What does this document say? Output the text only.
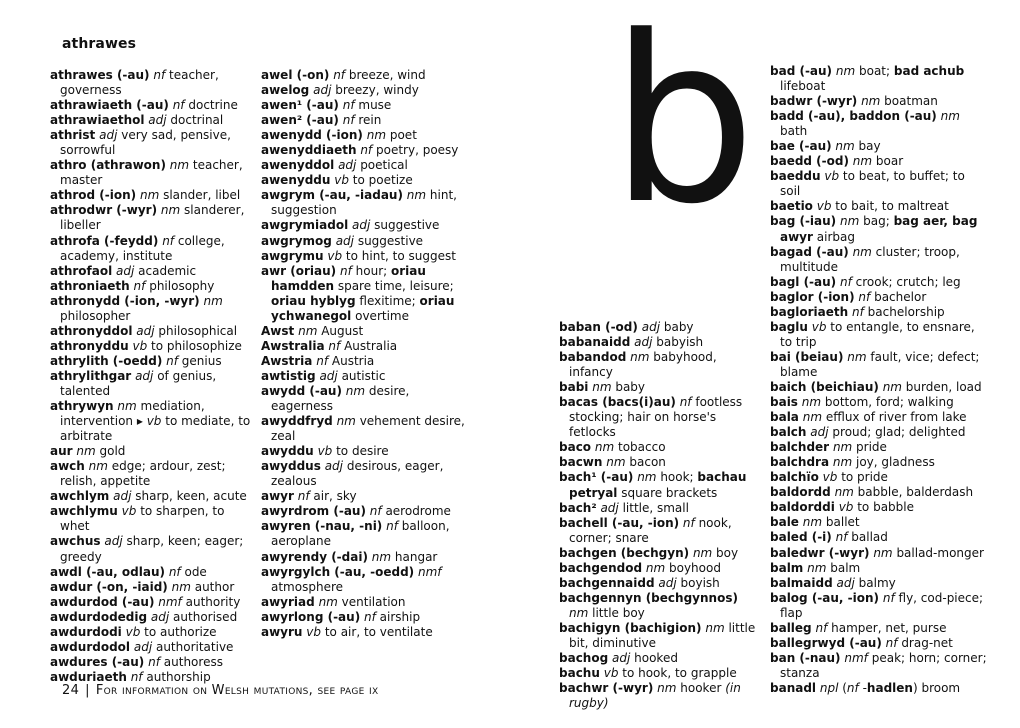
athrawes
athrawes (-au) nf teacher, governess
athrawiaeth (-au) nf doctrine
athrawiaethol adj doctrinal
athrist adj very sad, pensive, sorrowful
athro (athrawon) nm teacher, master
athrod (-ion) nm slander, libel
athrodwr (-wyr) nm slanderer, libeller
athrofa (-feydd) nf college, academy, institute
athrofaol adj academic
athroniaeth nf philosophy
athronydd (-ion, -wyr) nm philosopher
athronyddol adj philosophical
athronyddu vb to philosophize
athrylith (-oedd) nf genius
athrylithgar adj of genius, talented
athrywyn nm mediation, intervention ▸ vb to mediate, to arbitrate
aur nm gold
awch nm edge; ardour, zest; relish, appetite
awchlym adj sharp, keen, acute
awchlymu vb to sharpen, to whet
awchus adj sharp, keen; eager; greedy
awdl (-au, odlau) nf ode
awdur (-on, -iaid) nm author
awdurdod (-au) nmf authority
awdurdodedig adj authorised
awdurdodi vb to authorize
awdurdodol adj authoritative
awdures (-au) nf authoress
awduriaeth nf authorship
awel (-on) nf breeze, wind
awelog adj breezy, windy
awen¹ (-au) nf muse
awen² (-au) nf rein
awenydd (-ion) nm poet
awenyddiaeth nf poetry, poesy
awenyddol adj poetical
awenyddu vb to poetize
awgrym (-au, -iadau) nm hint, suggestion
awgrymiadol adj suggestive
awgrymog adj suggestive
awgrymu vb to hint, to suggest
awr (oriau) nf hour; oriau hamdden spare time, leisure; oriau hyblyg flexitime; oriau ychwanegol overtime
Awst nm August
Awstralia nf Australia
Awstria nf Austria
awtistig adj autistic
awydd (-au) nm desire, eagerness
awyddfryd nm vehement desire, zeal
awyddu vb to desire
awyddus adj desirous, eager, zealous
awyr nf air, sky
awyrdrom (-au) nf aerodrome
awyren (-nau, -ni) nf balloon, aeroplane
awyrendy (-dai) nm hangar
awyrgylch (-au, -oedd) nmf atmosphere
awyriad nm ventilation
awyrlong (-au) nf airship
awyru vb to air, to ventilate
b
baban (-od) adj baby
babanaidd adj babyish
babandod nm babyhood, infancy
babi nm baby
bacas (bacs(i)au) nf footless stocking; hair on horse's fetlocks
baco nm tobacco
bacwn nm bacon
bach¹ (-au) nm hook; bachau petryal square brackets
bach² adj little, small
bachell (-au, -ion) nf nook, corner; snare
bachgen (bechgyn) nm boy
bachgendod nm boyhood
bachgennaidd adj boyish
bachgennyn (bechgynnos) nm little boy
bachigyn (bachigion) nm little bit, diminutive
bachog adj hooked
bachu vb to hook, to grapple
bachwr (-wyr) nm hooker (in rugby)
bad (-au) nm boat; bad achub lifeboat
badwr (-wyr) nm boatman
badd (-au), baddon (-au) nm bath
bae (-au) nm bay
baedd (-od) nm boar
baeddu vb to beat, to buffet; to soil
baetio vb to bait, to maltreat
bag (-iau) nm bag; bag aer, bag awyr airbag
bagad (-au) nm cluster; troop, multitude
bagl (-au) nf crook; crutch; leg
baglor (-ion) nf bachelor
bagloriaeth nf bachelorship
baglu vb to entangle, to ensnare, to trip
bai (beiau) nm fault, vice; defect; blame
baich (beichiau) nm burden, load
bais nm bottom, ford; walking
bala nm efflux of river from lake
balch adj proud; glad; delighted
balchder nm pride
balchdra nm joy, gladness
balchïo vb to pride
baldordd nm babble, balderdash
baldorddi vb to babble
bale nm ballet
baled (-i) nf ballad
baledwr (-wyr) nm ballad-monger
balm nm balm
balmaidd adj balmy
balog (-au, -ion) nf fly, cod-piece; flap
balleg nf hamper, net, purse
ballegrwyd (-au) nf drag-net
ban (-nau) nmf peak; horn; corner; stanza
banadl npl (nf -hadlen) broom
24 | For information on Welsh mutations, see page ix
